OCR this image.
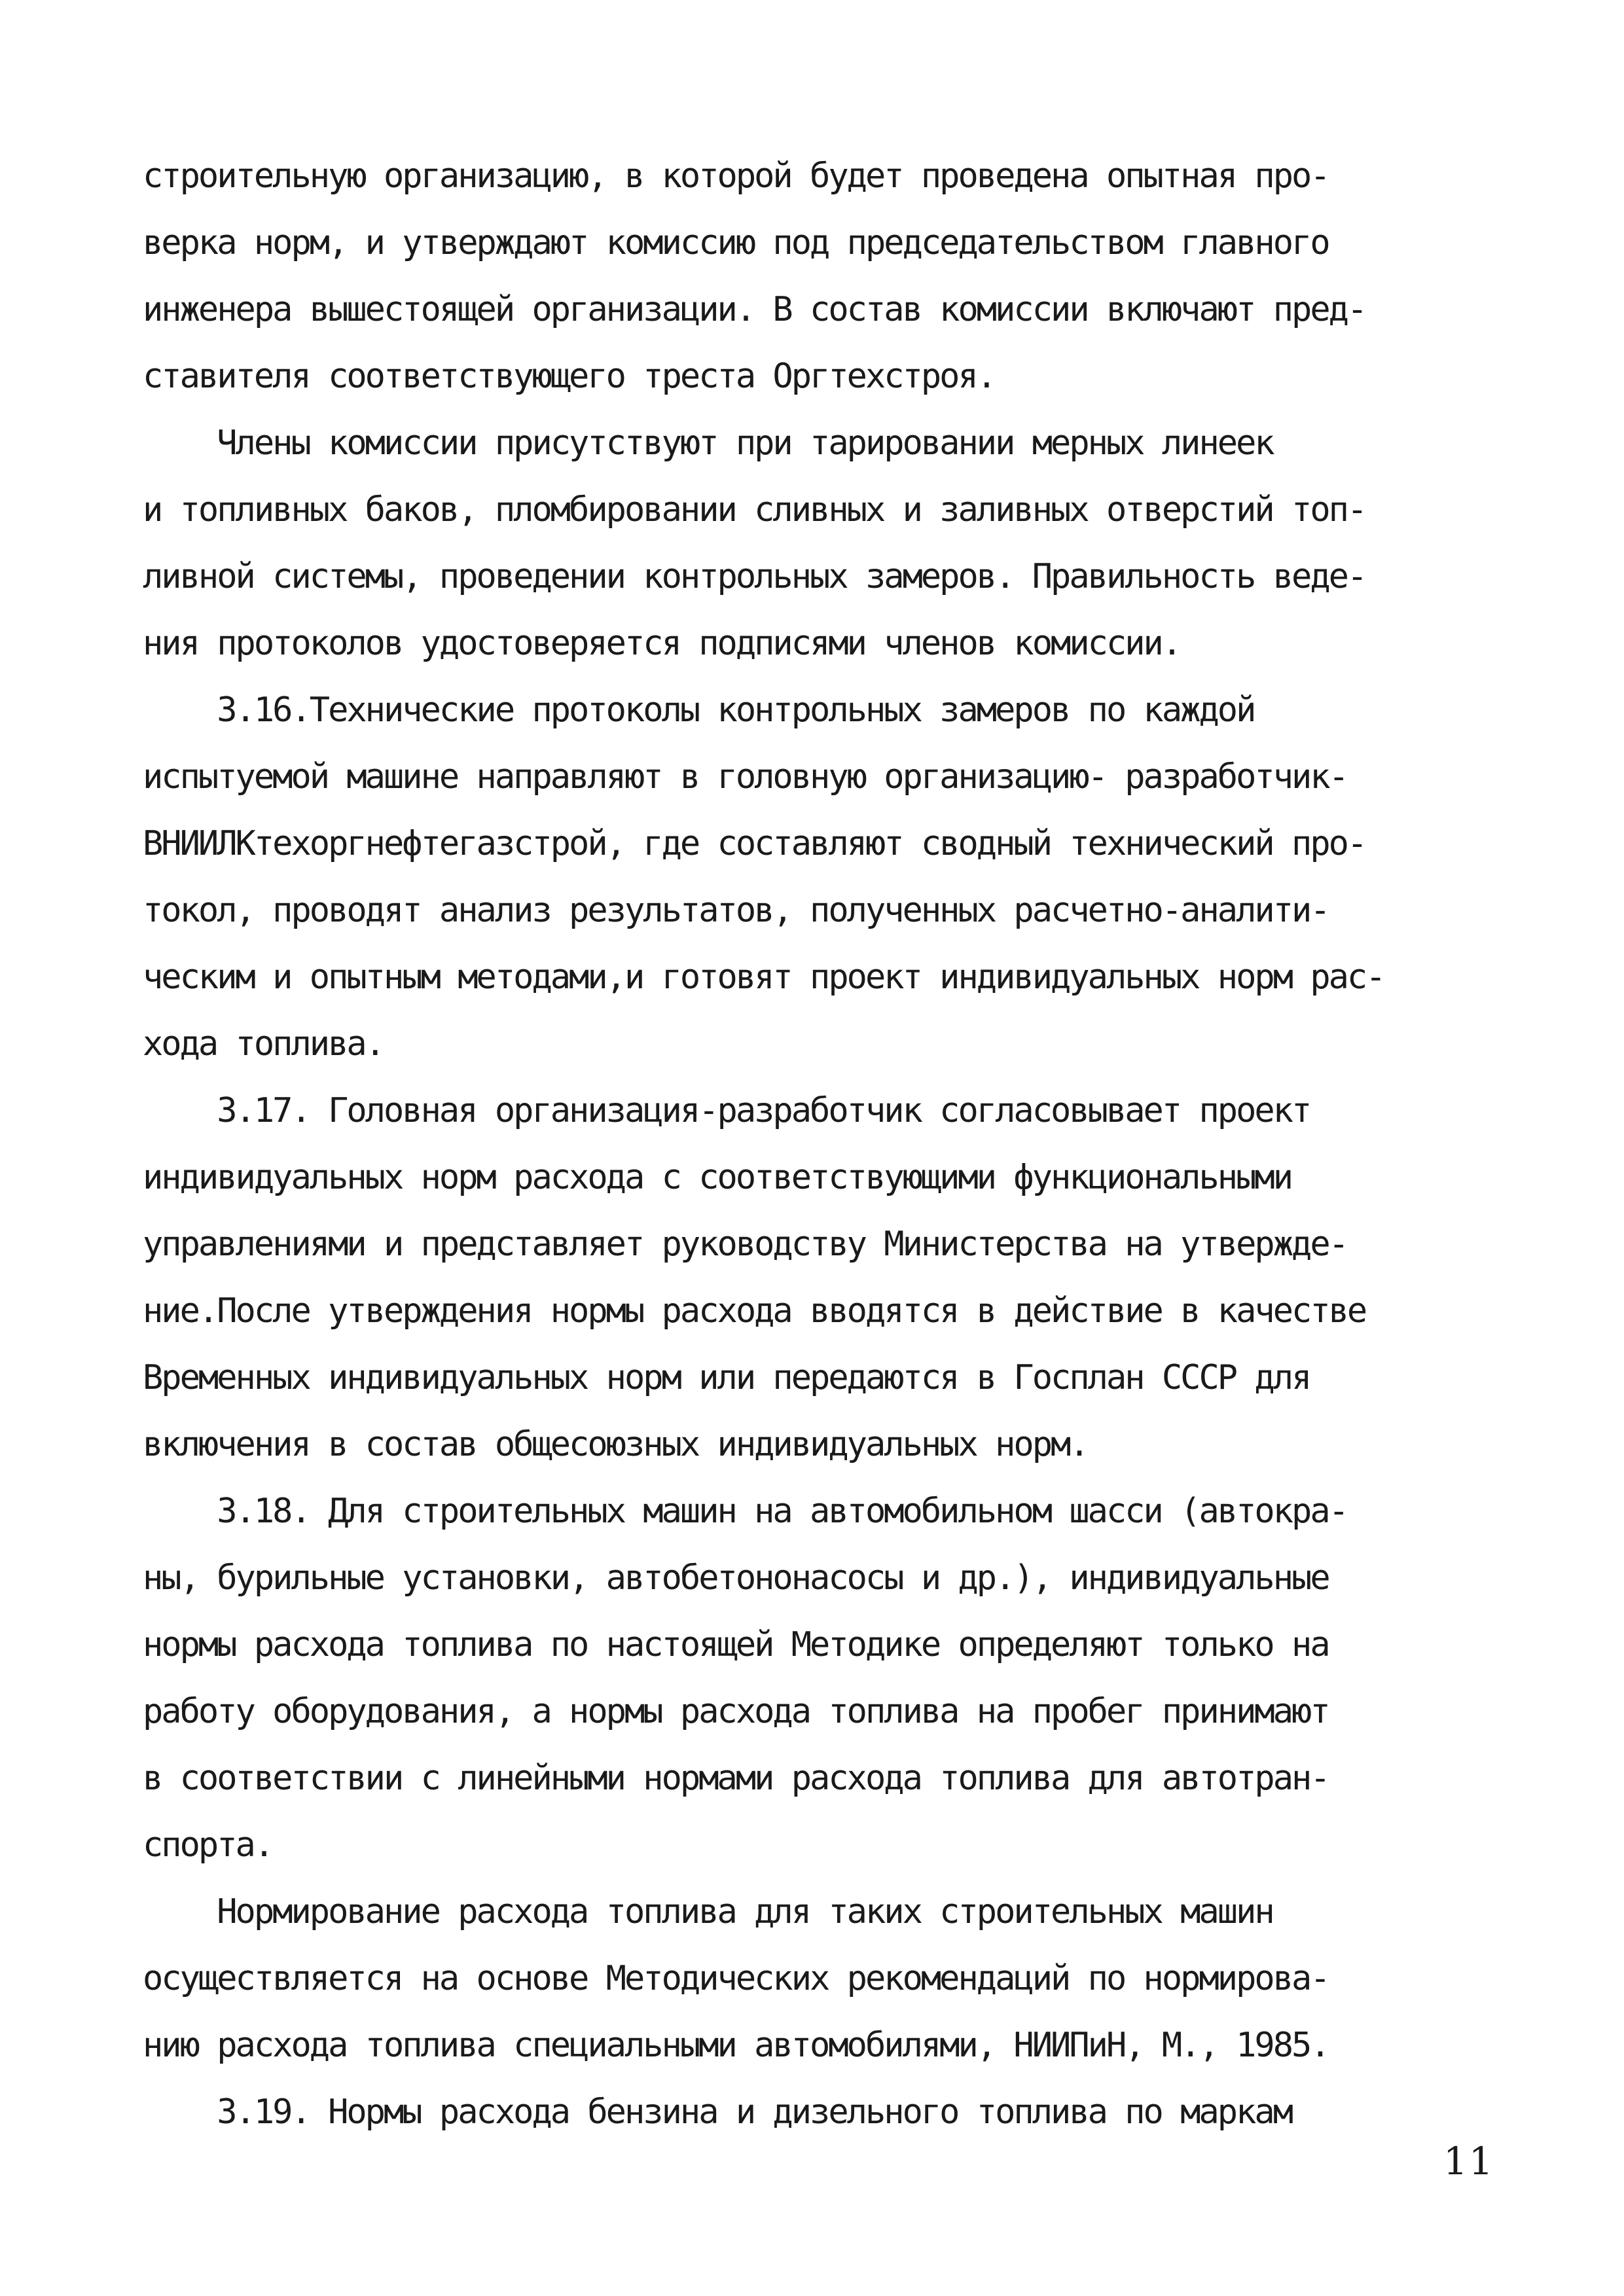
строительную организацию, в которой будет проведена опытная про-
верка норм, и утверждают комиссию под председательством главного
инженера вышестоящей организации. В состав комиссии включают пред-
ставителя соответствующего треста Оргтехстроя.
Члены комиссии присутствуют при тарировании мерных линеек
и топливных баков, пломбировании сливных и заливных отверстий топ-
ливной системы, проведении контрольных замеров. Правильность веде-
ния протоколов удостоверяется подписями членов комиссии.
3.16.Технические протоколы контрольных замеров по каждой
испытуемой машине направляют в головную организацию- разработчик-
ВНИИЛКтехоргнефтегазстрой, где составляют сводный технический про-
токол, проводят анализ результатов, полученных расчетно-аналити-
ческим и опытным методами,и готовят проект индивидуальных норм рас-
хода топлива.
3.17. Головная организация-разработчик согласовывает проект
индивидуальных норм расхода с соответствующими функциональными
управлениями и представляет руководству Министерства на утвержде-
ние.После утверждения нормы расхода вводятся в действие в качестве
Временных индивидуальных норм или передаются в Госплан СССР для
включения в состав общесоюзных индивидуальных норм.
3.18. Для строительных машин на автомобильном шасси (автокра-
ны, бурильные установки, автобетононасосы и др.), индивидуальные
нормы расхода топлива по настоящей Методике определяют только на
работу оборудования, а нормы расхода топлива на пробег принимают
в соответствии с линейными нормами расхода топлива для автотран-
спорта.
Нормирование расхода топлива для таких строительных машин
осуществляется на основе Методических рекомендаций по нормирова-
нию расхода топлива специальными автомобилями, НИИПиН, М., 1985.
3.19. Нормы расхода бензина и дизельного топлива по маркам
11
